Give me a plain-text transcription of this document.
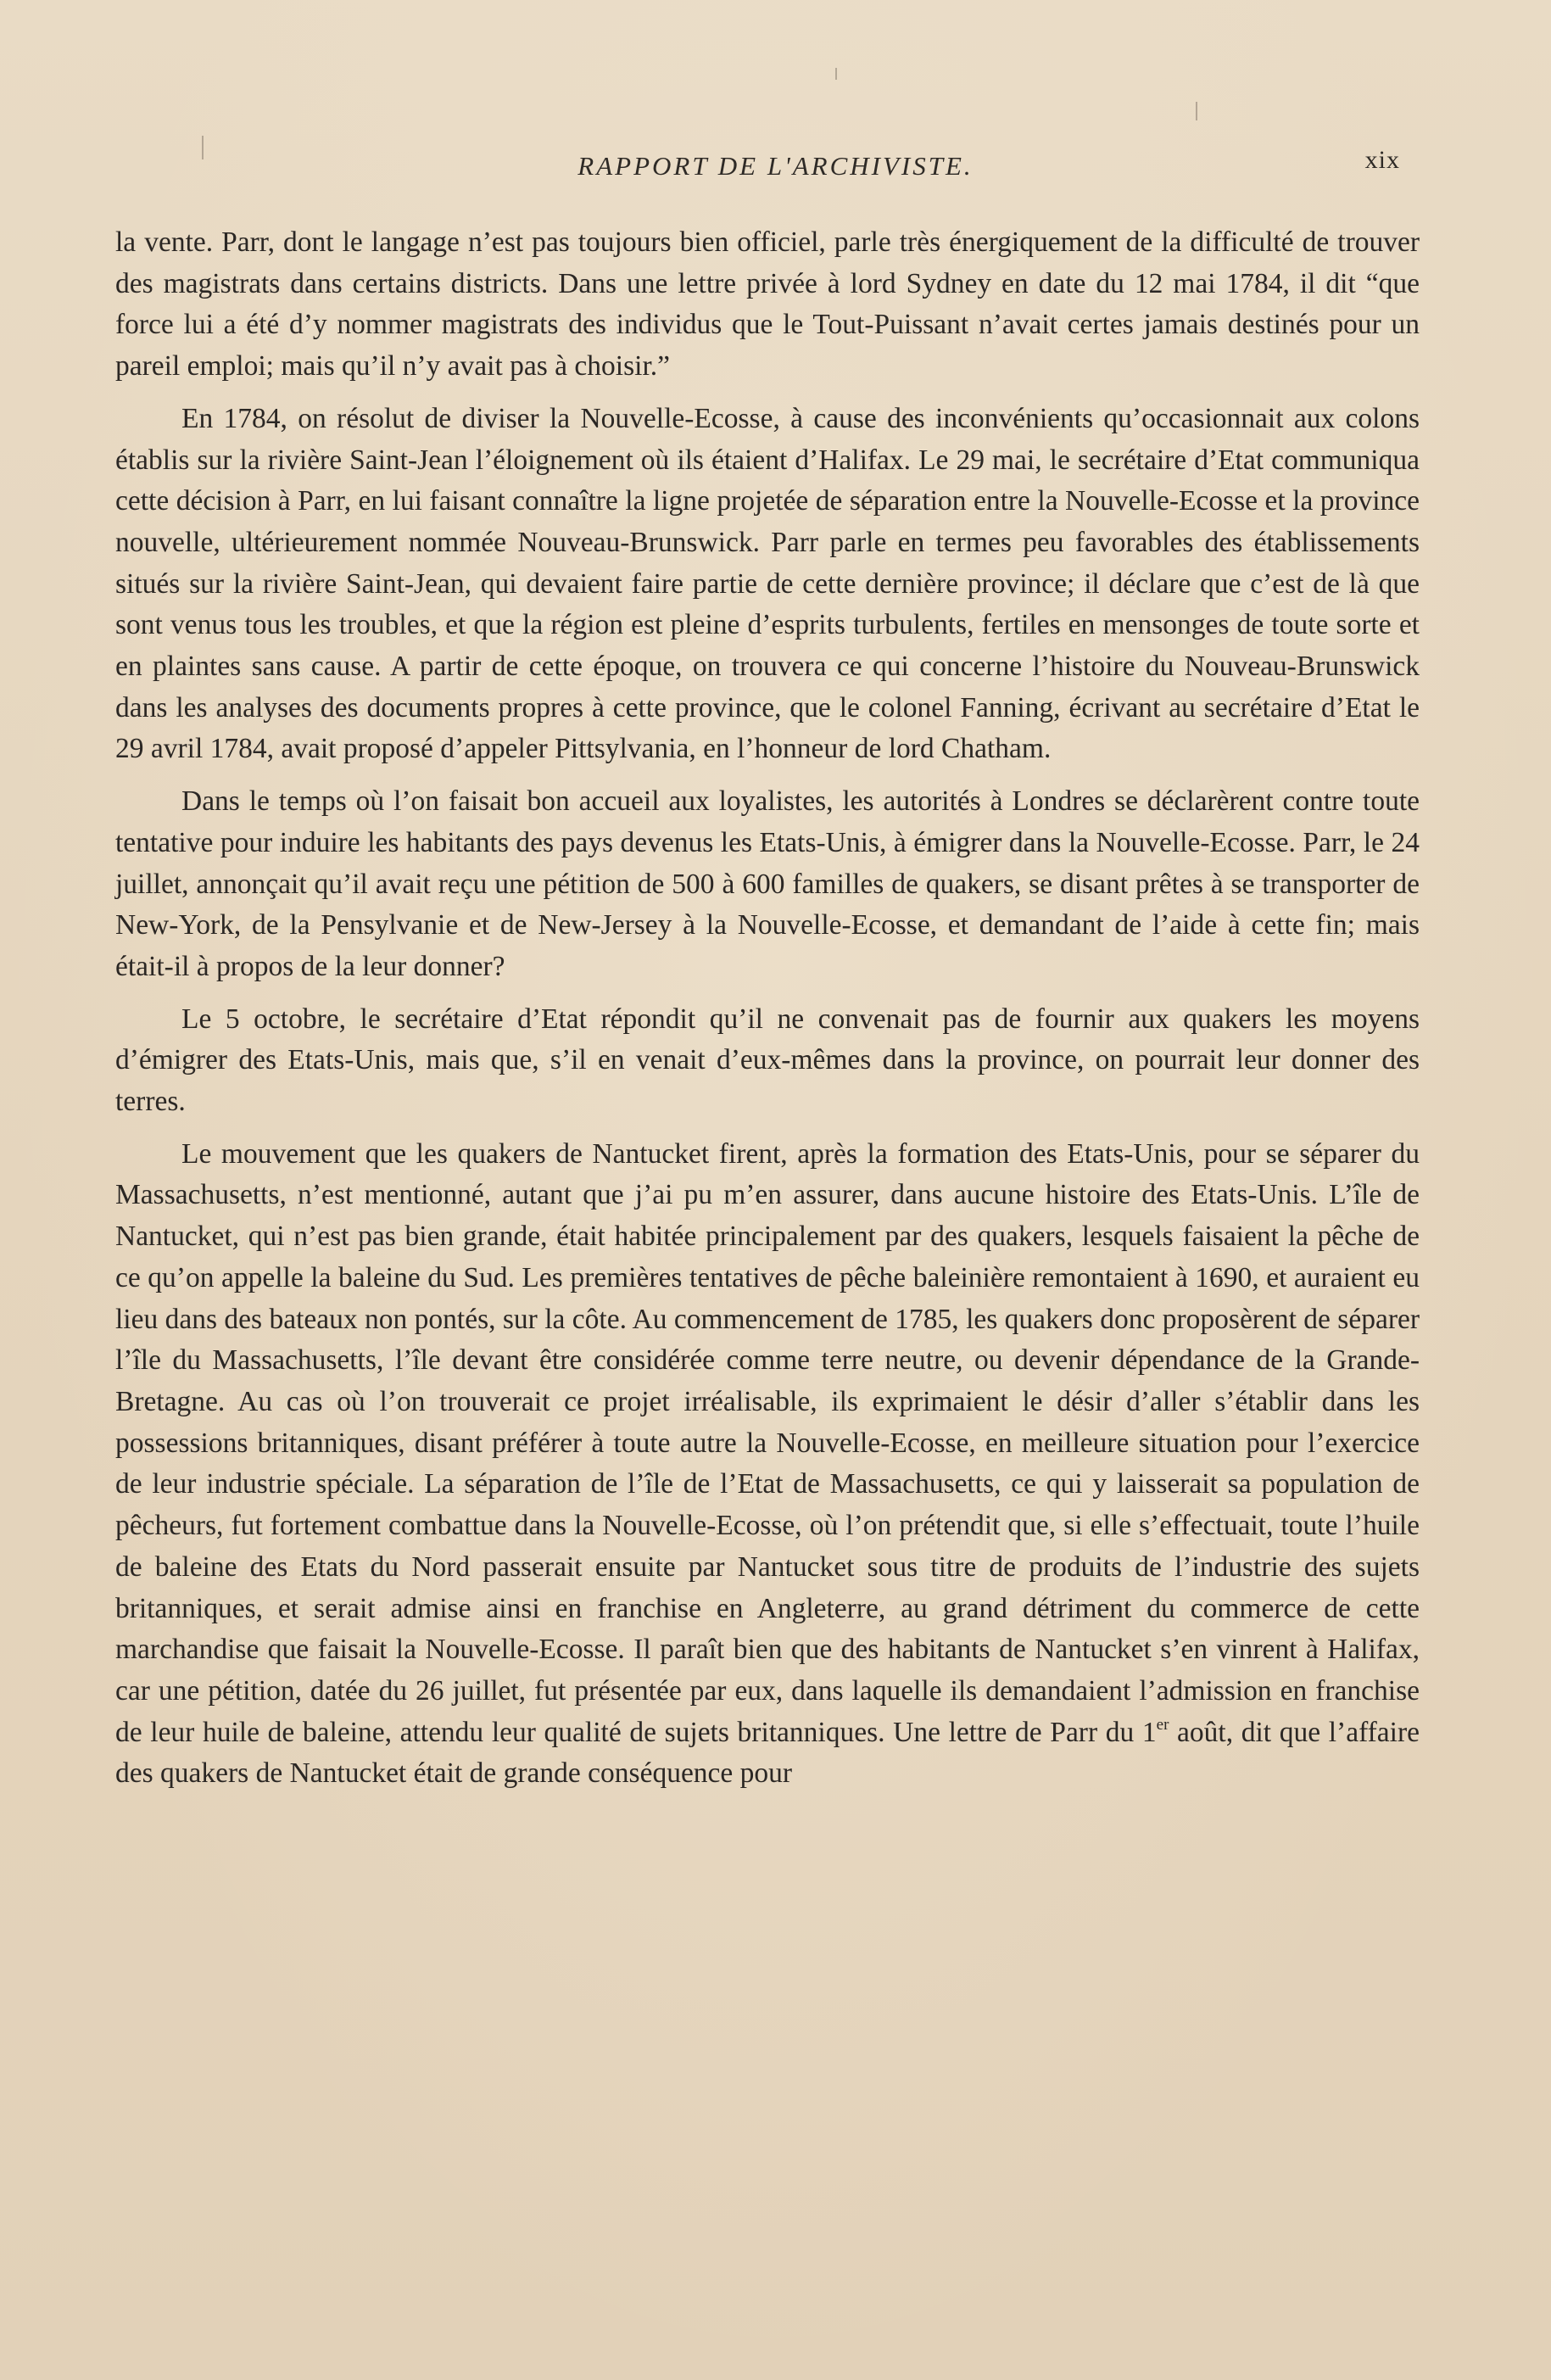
RAPPORT DE L'ARCHIVISTE.	xix

la vente. Parr, dont le langage n’est pas toujours bien officiel, parle très énergiquement de la difficulté de trouver des magistrats dans certains districts. Dans une lettre privée à lord Sydney en date du 12 mai 1784, il dit “que force lui a été d’y nommer magistrats des individus que le Tout-Puissant n’avait certes jamais destinés pour un pareil emploi; mais qu’il n’y avait pas à choisir.”

En 1784, on résolut de diviser la Nouvelle-Ecosse, à cause des inconvénients qu’occasionnait aux colons établis sur la rivière Saint-Jean l’éloignement où ils étaient d’Halifax. Le 29 mai, le secrétaire d’Etat communiqua cette décision à Parr, en lui faisant connaître la ligne projetée de séparation entre la Nouvelle-Ecosse et la province nouvelle, ultérieurement nommée Nouveau-Brunswick. Parr parle en termes peu favorables des établissements situés sur la rivière Saint-Jean, qui devaient faire partie de cette dernière province; il déclare que c’est de là que sont venus tous les troubles, et que la région est pleine d’esprits turbulents, fertiles en mensonges de toute sorte et en plaintes sans cause. A partir de cette époque, on trouvera ce qui concerne l’histoire du Nouveau-Brunswick dans les analyses des documents propres à cette province, que le colonel Fanning, écrivant au secrétaire d’Etat le 29 avril 1784, avait proposé d’appeler Pittsylvania, en l’honneur de lord Chatham.

Dans le temps où l’on faisait bon accueil aux loyalistes, les autorités à Londres se déclarèrent contre toute tentative pour induire les habitants des pays devenus les Etats-Unis, à émigrer dans la Nouvelle-Ecosse. Parr, le 24 juillet, annonçait qu’il avait reçu une pétition de 500 à 600 familles de quakers, se disant prêtes à se transporter de New-York, de la Pensylvanie et de New-Jersey à la Nouvelle-Ecosse, et demandant de l’aide à cette fin; mais était-il à propos de la leur donner?

Le 5 octobre, le secrétaire d’Etat répondit qu’il ne convenait pas de fournir aux quakers les moyens d’émigrer des Etats-Unis, mais que, s’il en venait d’eux-mêmes dans la province, on pourrait leur donner des terres.

Le mouvement que les quakers de Nantucket firent, après la formation des Etats-Unis, pour se séparer du Massachusetts, n’est mentionné, autant que j’ai pu m’en assurer, dans aucune histoire des Etats-Unis. L’île de Nantucket, qui n’est pas bien grande, était habitée principalement par des quakers, lesquels faisaient la pêche de ce qu’on appelle la baleine du Sud. Les premières tentatives de pêche baleinière remontaient à 1690, et auraient eu lieu dans des bateaux non pontés, sur la côte. Au commencement de 1785, les quakers donc proposèrent de séparer l’île du Massachusetts, l’île devant être considérée comme terre neutre, ou devenir dépendance de la Grande-Bretagne. Au cas où l’on trouverait ce projet irréalisable, ils exprimaient le désir d’aller s’établir dans les possessions britanniques, disant préférer à toute autre la Nouvelle-Ecosse, en meilleure situation pour l’exercice de leur industrie spéciale. La séparation de l’île de l’Etat de Massachusetts, ce qui y laisserait sa population de pêcheurs, fut fortement combattue dans la Nouvelle-Ecosse, où l’on prétendit que, si elle s’effectuait, toute l’huile de baleine des Etats du Nord passerait ensuite par Nantucket sous titre de produits de l’industrie des sujets britanniques, et serait admise ainsi en franchise en Angleterre, au grand détriment du commerce de cette marchandise que faisait la Nouvelle-Ecosse. Il paraît bien que des habitants de Nantucket s’en vinrent à Halifax, car une pétition, datée du 26 juillet, fut présentée par eux, dans laquelle ils demandaient l’admission en franchise de leur huile de baleine, attendu leur qualité de sujets britanniques. Une lettre de Parr du 1er août, dit que l’affaire des quakers de Nantucket était de grande conséquence pour
